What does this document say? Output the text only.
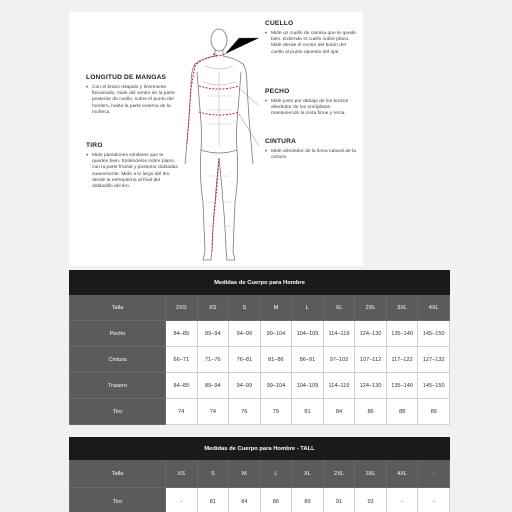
CUELLO

• Mide un cuello de camisa que te quede bien. Extiende el cuello sobre plano. Mide desde el centro del botón del cuello al punto opuesto del ojal.

PECHO

• Mide justo por debajo de los brazos alrededor de los omóplatos manteniendo la cinta firme y recta.

CINTURA

• Mide alrededor de la línea natural de la cintura.

LONGITUD DE MANGAS

• Con el brazo relajado y levemente flexionado, mide del centro de la parte posterior de cuello, sobre el punto del hombro, hasta la parte externa de la muñeca.

TIRO

• Mide pantalones similares que te queden bien. Extiéndelos sobre plano, con la parte frontal y posterior dobladas suavemente. Mide a lo largo del tiro desde la entrepierna al final del dobladillo del tiro.

Medidas de Cuerpo para Hombre									
Talla	2XS	XS	S	M	L	XL	2XL	3XL	4XL
Pecho	84–89	89–94	94–99	99–104	104–109	114–119	124–130	135–140	145–150
Cintura	66–71	71–76	76–81	81–86	86–91	97–102	107–112	117–122	127–132
Trasero	84–89	89–94	94–99	99–104	104–109	114–119	124–130	135–140	145–150
Tiro	74	74	76	79	81	84	86	88	89
Medidas de Cuerpo para Hombre - TALL									
Talla	XS	S	M	L	XL	2XL	3XL	4XL	-
Tiro	-	81	84	86	89	91	93	-	-
